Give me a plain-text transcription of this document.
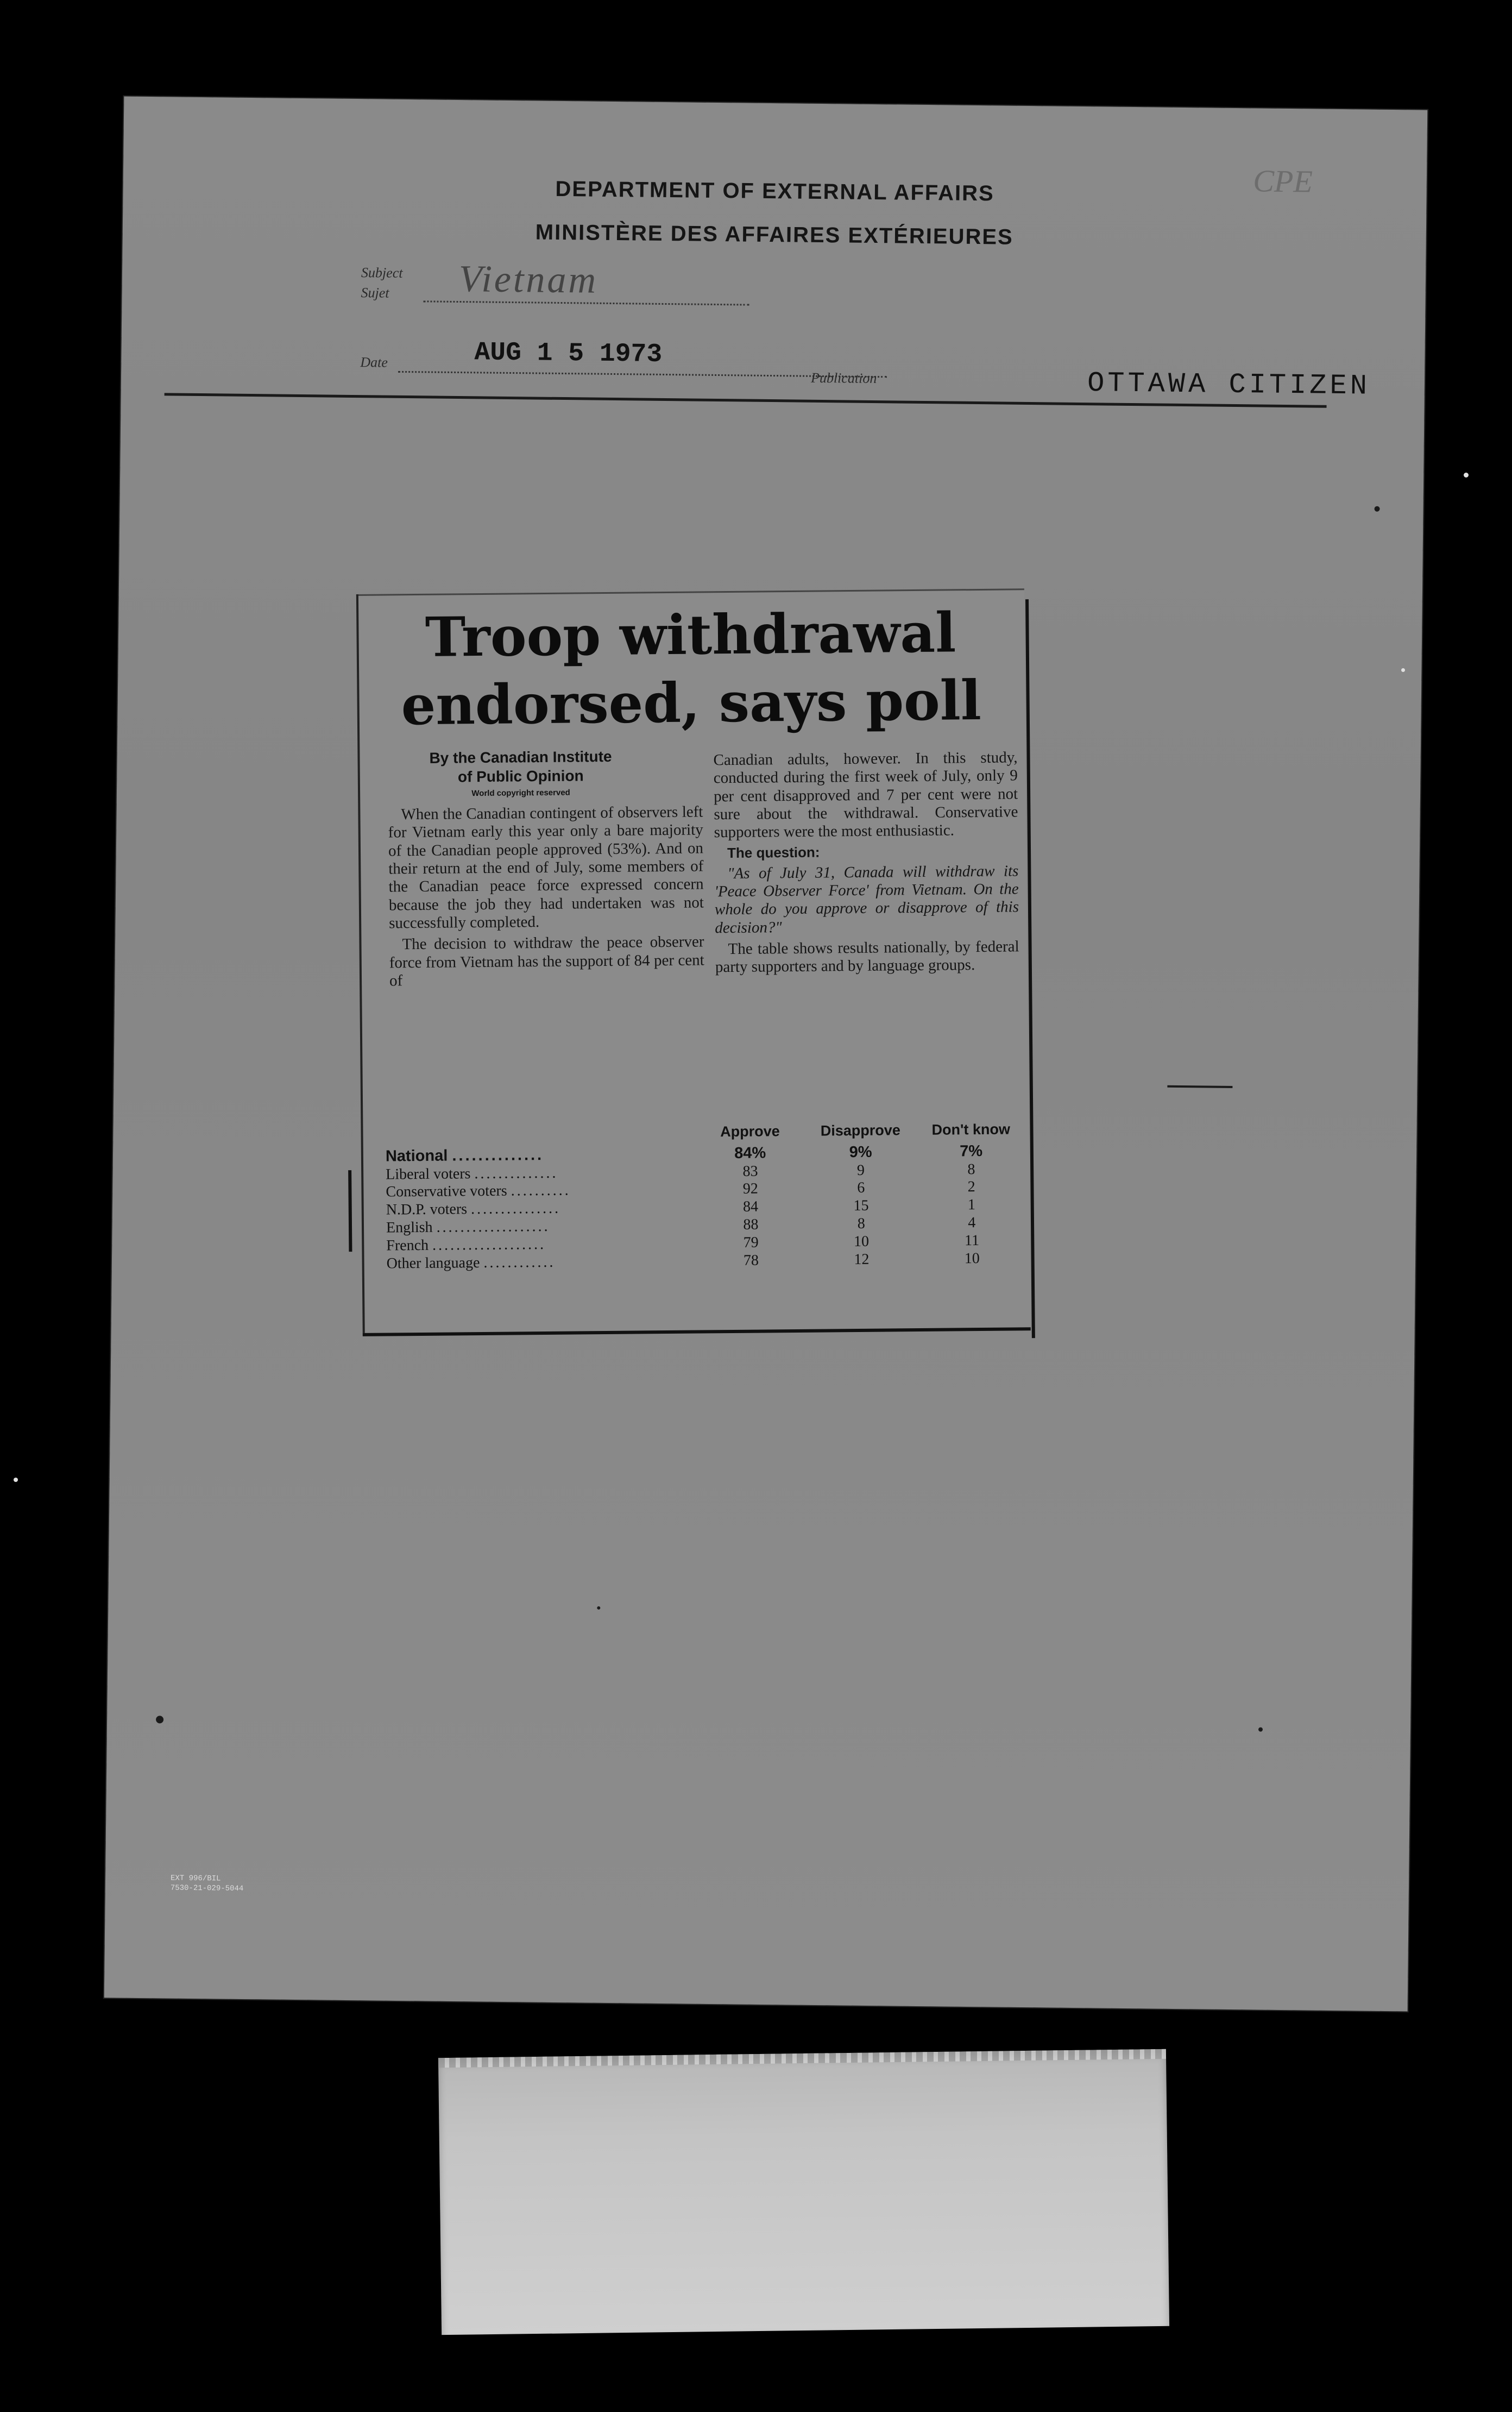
DEPARTMENT OF EXTERNAL AFFAIRS
MINISTÈRE DES AFFAIRES EXTÉRIEURES
CPE
Subject
Sujet Vietnam
Date	AUG 1 5 1973
Publication	OTTAWA CITIZEN
Troop withdrawal
endorsed, says poll
By the Canadian Institute
of Public Opinion
World copyright reserved

When the Canadian contingent of observers left for Vietnam early this year only a bare majority of the Canadian people approved (53%). And on their return at the end of July, some members of the Canadian peace force expressed concern because the job they had undertaken was not successfully completed.

The decision to withdraw the peace observer force from Vietnam has the support of 84 per cent of

Canadian adults, however. In this study, conducted during the first week of July, only 9 per cent disapproved and 7 per cent were not sure about the withdrawal. Conservative supporters were the most enthusiastic.

The question:

"As of July 31, Canada will withdraw its 'Peace Observer Force' from Vietnam. On the whole do you approve or disapprove of this decision?"

The table shows results nationally, by federal party supporters and by language groups.

	Approve	Disapprove	Don't know
National ..............	84%	9%	7%
Liberal voters ..............	83	9	8
Conservative voters ..........	92	6	2
N.D.P. voters ...............	84	15	1
English ...................	88	8	4
French ...................	79	10	11
Other language ............	78	12	10
EXT 996/BIL
7530-21-029-5044
